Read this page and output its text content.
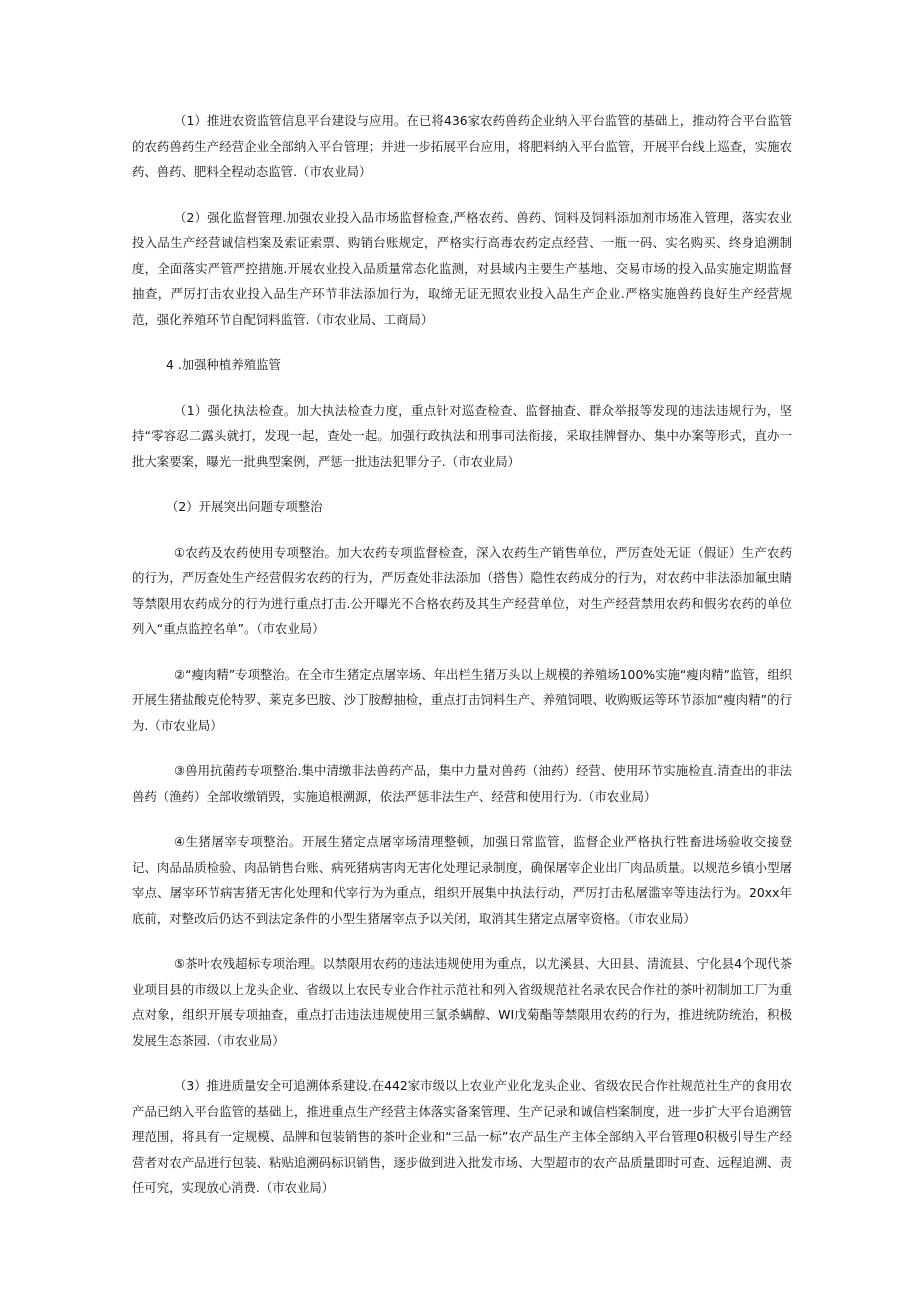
（1）推进农资监管信息平台建设与应用。在已将436家农药兽药企业纳入平台监管的基础上，推动符合平台监管的农药兽药生产经营企业全部纳入平台管理；并进一步拓展平台应用，将肥料纳入平台监管，开展平台线上巡查，实施农药、兽药、肥料全程动态监管.（市农业局）

（2）强化监督管理.加强农业投入品市场监督检查,严格农药、兽药、饲料及饲料添加剂市场准入管理，落实农业投入品生产经营诚信档案及索证索票、购销台账规定，严格实行高毒农药定点经营、一瓶一码、实名购买、终身追溯制度，全面落实严管严控措施.开展农业投入品质量常态化监测，对县域内主要生产基地、交易市场的投入品实施定期监督抽查，严厉打击农业投入品生产环节非法添加行为，取缔无证无照农业投入品生产企业.严格实施兽药良好生产经营规范，强化养殖环节自配饲料监管.（市农业局、工商局）

4 .加强种植养殖监管

（1）强化执法检查。加大执法检查力度，重点针对巡查检查、监督抽查、群众举报等发现的违法违规行为，坚持“零容忍二露头就打，发现一起，查处一起。加强行政执法和刑事司法衔接，采取挂牌督办、集中办案等形式，直办一批大案要案，曝光一批典型案例，严惩一批违法犯罪分子.（市农业局）

（2）开展突出问题专项整治

①农药及农药使用专项整治。加大农药专项监督检查，深入农药生产销售单位，严厉查处无证（假证）生产农药的行为，严厉查处生产经营假劣农药的行为，严厉查处非法添加（搭售）隐性农药成分的行为，对农药中非法添加氟虫睛等禁限用农药成分的行为进行重点打击.公开曝光不合格农药及其生产经营单位，对生产经营禁用农药和假劣农药的单位列入“重点监控名单”。（市农业局）

②“瘦肉精”专项整治。在全市生猪定点屠宰场、年出栏生猪万头以上规模的养殖场100%实施“瘦肉精”监管，组织开展生猪盐酸克伦特罗、莱克多巴胺、沙丁胺醇抽检，重点打击饲料生产、养殖饲喂、收购贩运等环节添加“瘦肉精”的行为.（市农业局）

③兽用抗菌药专项整治.集中清缴非法兽药产品，集中力量对兽药（油药）经营、使用环节实施检直.清查出的非法兽药（渔药）全部收缴销毁，实施追根溯源，依法严惩非法生产、经营和使用行为.（市农业局）

④生猪屠宰专项整治。开展生猪定点屠宰场清理整顿，加强日常监管，监督企业严格执行牲畜进场验收交接登记、肉品品质检验、肉品销售台账、病死猪病害肉无害化处理记录制度，确保屠宰企业出厂肉品质量。以规范乡镇小型屠宰点、屠宰环节病害猪无害化处理和代宰行为为重点，组织开展集中执法行动，严厉打击私屠滥宰等违法行为。20xx年底前，对整改后仍达不到法定条件的小型生猪屠宰点予以关闭，取消其生猪定点屠宰资格。（市农业局）

⑤茶叶农残超标专项治理。以禁限用农药的违法违规使用为重点，以尤溪县、大田县、清流县、宁化县4个现代茶业项目县的市级以上龙头企业、省级以上农民专业合作社示范社和列入省级规范社名录农民合作社的茶叶初制加工厂为重点对象，组织开展专项抽查，重点打击违法违规使用三氯杀螨醇、WI戊菊酯等禁限用农药的行为，推进统防统治，积极发展生态茶园.（市农业局）

（3）推进质量安全可追溯体系建设.在442家市级以上农业产业化龙头企业、省级农民合作社规范社生产的食用农产品已纳入平台监管的基础上，推进重点生产经营主体落实备案管理、生产记录和诚信档案制度，进一步扩大平台追溯管理范围，将具有一定规模、品牌和包装销售的茶叶企业和“三品一标”农产品生产主体全部纳入平台管理0积极引导生产经营者对农产品进行包装、粘贴追溯码标识销售，逐步做到进入批发市场、大型超市的农产品质量即时可查、远程追溯、责任可究，实现放心消费.（市农业局）
